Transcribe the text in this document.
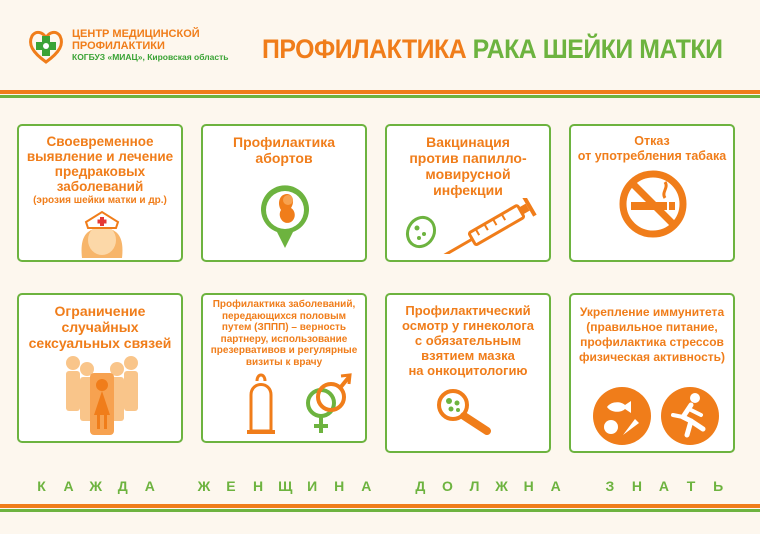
ЦЕНТР МЕДИЦИНСКОЙ
ПРОФИЛАКТИКИ
КОГБУЗ «МИАЦ», Кировская область ПРОФИЛАКТИКА РАКА ШЕЙКИ МАТКИ
Своевременное
выявление и лечение
предраковых
заболеваний
(эрозия шейки матки и др.)
Профилактика
абортов
Вакцинация
против папилло-
мовирусной
инфекции
Отказ
от употребления табака
Ограничение
случайных
сексуальных связей
Профилактика заболеваний,
передающихся половым
путем (ЗППП) – верность
партнеру, использование
презервативов и регулярные
визиты к врачу
Профилактический
осмотр у гинеколога
с обязательным
взятием мазка
на онкоцитологию
Укрепление иммунитета
(правильное питание,
профилактика стрессов
физическая активность)
К А Ж Д А	Ж Е Н Щ И Н А	Д О Л Ж Н А	З Н А Т Ь
